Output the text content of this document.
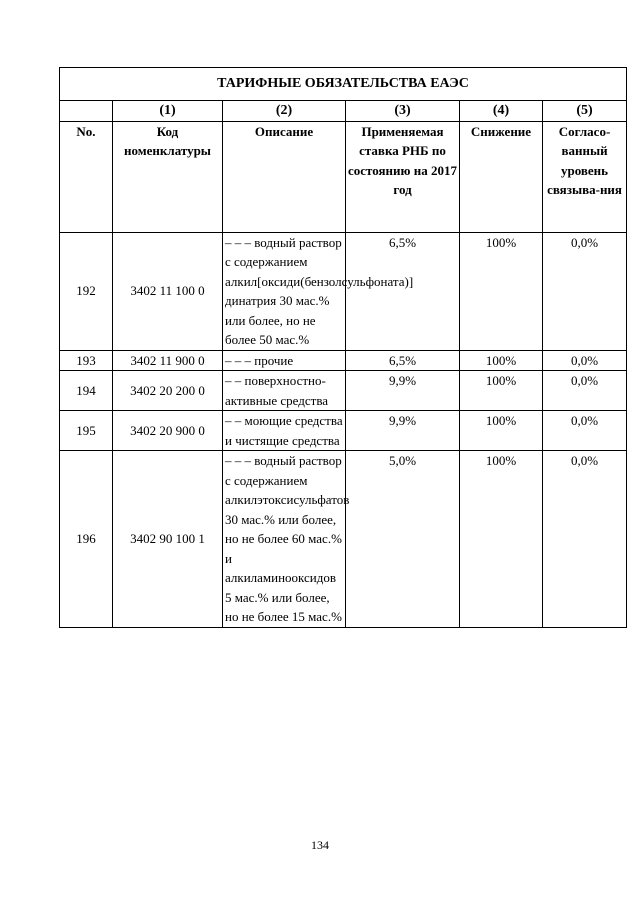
ТАРИФНЫЕ ОБЯЗАТЕЛЬСТВА ЕАЭС					
	(1)	(2)	(3)	(4)	(5)
No.	Код номенклатуры	Описание	Применяемая ставка РНБ по состоянию на 2017 год	Снижение	Согласо-ванный уровень связыва-ния
192	3402 11 100 0	– – – водный раствор с содержанием алкил[оксиди(бензолсульфоната)] динатрия 30 мас.% или более, но не более 50 мас.%	6,5%	100%	0,0%
193	3402 11 900 0	– – – прочие	6,5%	100%	0,0%
194	3402 20 200 0	– – поверхностно-активные средства	9,9%	100%	0,0%
195	3402 20 900 0	– – моющие средства и чистящие средства	9,9%	100%	0,0%
196	3402 90 100 1	– – – водный раствор с содержанием алкилэтоксисульфатов 30 мас.% или более, но не более 60 мас.% и алкиламинооксидов 5 мас.% или более, но не более 15 мас.%	5,0%	100%	0,0%
134
